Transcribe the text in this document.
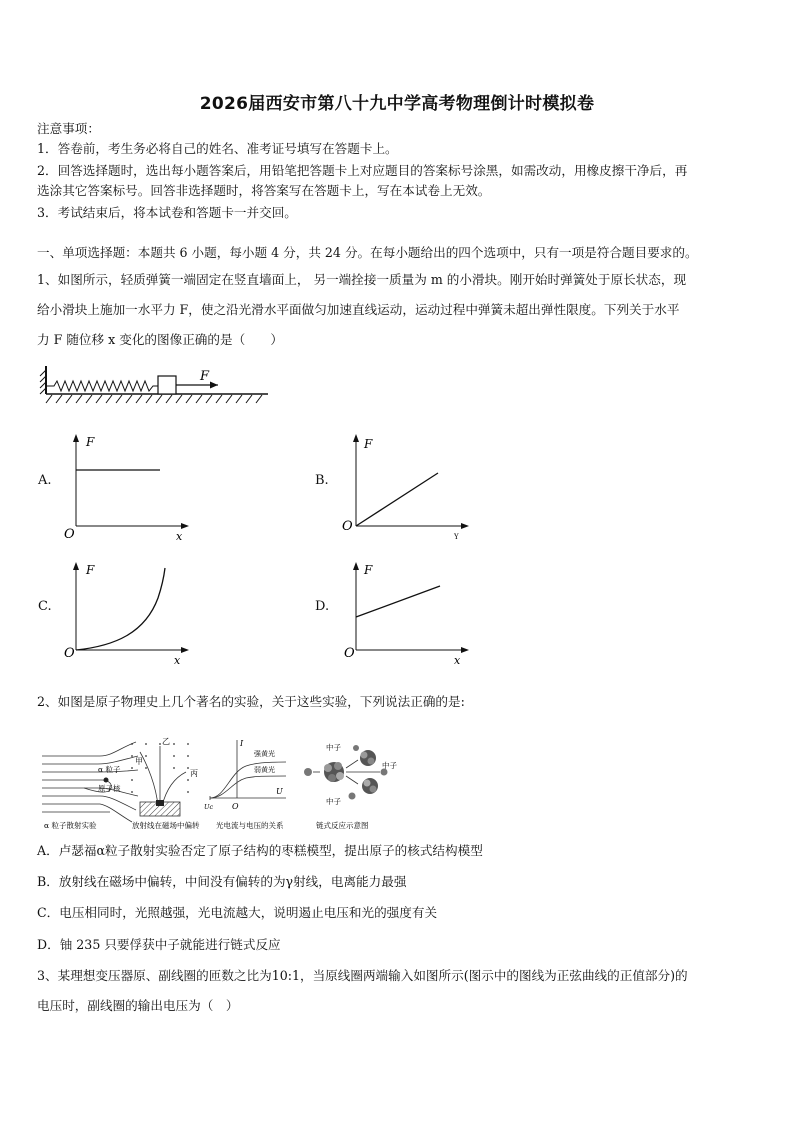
2026届西安市第八十九中学高考物理倒计时模拟卷
注意事项：
1．答卷前，考生务必将自己的姓名、准考证号填写在答题卡上。
2．回答选择题时，选出每小题答案后，用铅笔把答题卡上对应题目的答案标号涂黑，如需改动，用橡皮擦干净后，再
选涂其它答案标号。回答非选择题时，将答案写在答题卡上，写在本试卷上无效。
3．考试结束后，将本试卷和答题卡一并交回。
一、单项选择题：本题共 6 小题，每小题 4 分，共 24 分。在每小题给出的四个选项中，只有一项是符合题目要求的。
1、如图所示，轻质弹簧一端固定在竖直墙面上， 另一端拴接一质量为 m 的小滑块。刚开始时弹簧处于原长状态，现
给小滑块上施加一水平力 F，使之沿光滑水平面做匀加速直线运动，运动过程中弹簧未超出弹性限度。下列关于水平
力 F 随位移 x 变化的图像正确的是（　　）
F
A.
F
O	x
B.
F
O
Y
C.
F
O	x
D.
F
O	x
2、如图是原子物理史上几个著名的实验，关于这些实验，下列说法正确的是:
α 粒子
原子核
α 粒子散射实验
甲
乙
丙
放射线在磁场中偏转
I
U
Uc O
强黄光
弱黄光
光电流与电压的关系
中子
中子
中子
链式反应示意图
A．卢瑟福α粒子散射实验否定了原子结构的枣糕模型，提出原子的核式结构模型
B．放射线在磁场中偏转，中间没有偏转的为γ射线，电离能力最强
C．电压相同时，光照越强，光电流越大，说明遏止电压和光的强度有关
D．铀 235 只要俘获中子就能进行链式反应
3、某理想变压器原、副线圈的匝数之比为10:1，当原线圈两端输入如图所示(图示中的图线为正弦曲线的正值部分)的
电压时，副线圈的输出电压为（　）
